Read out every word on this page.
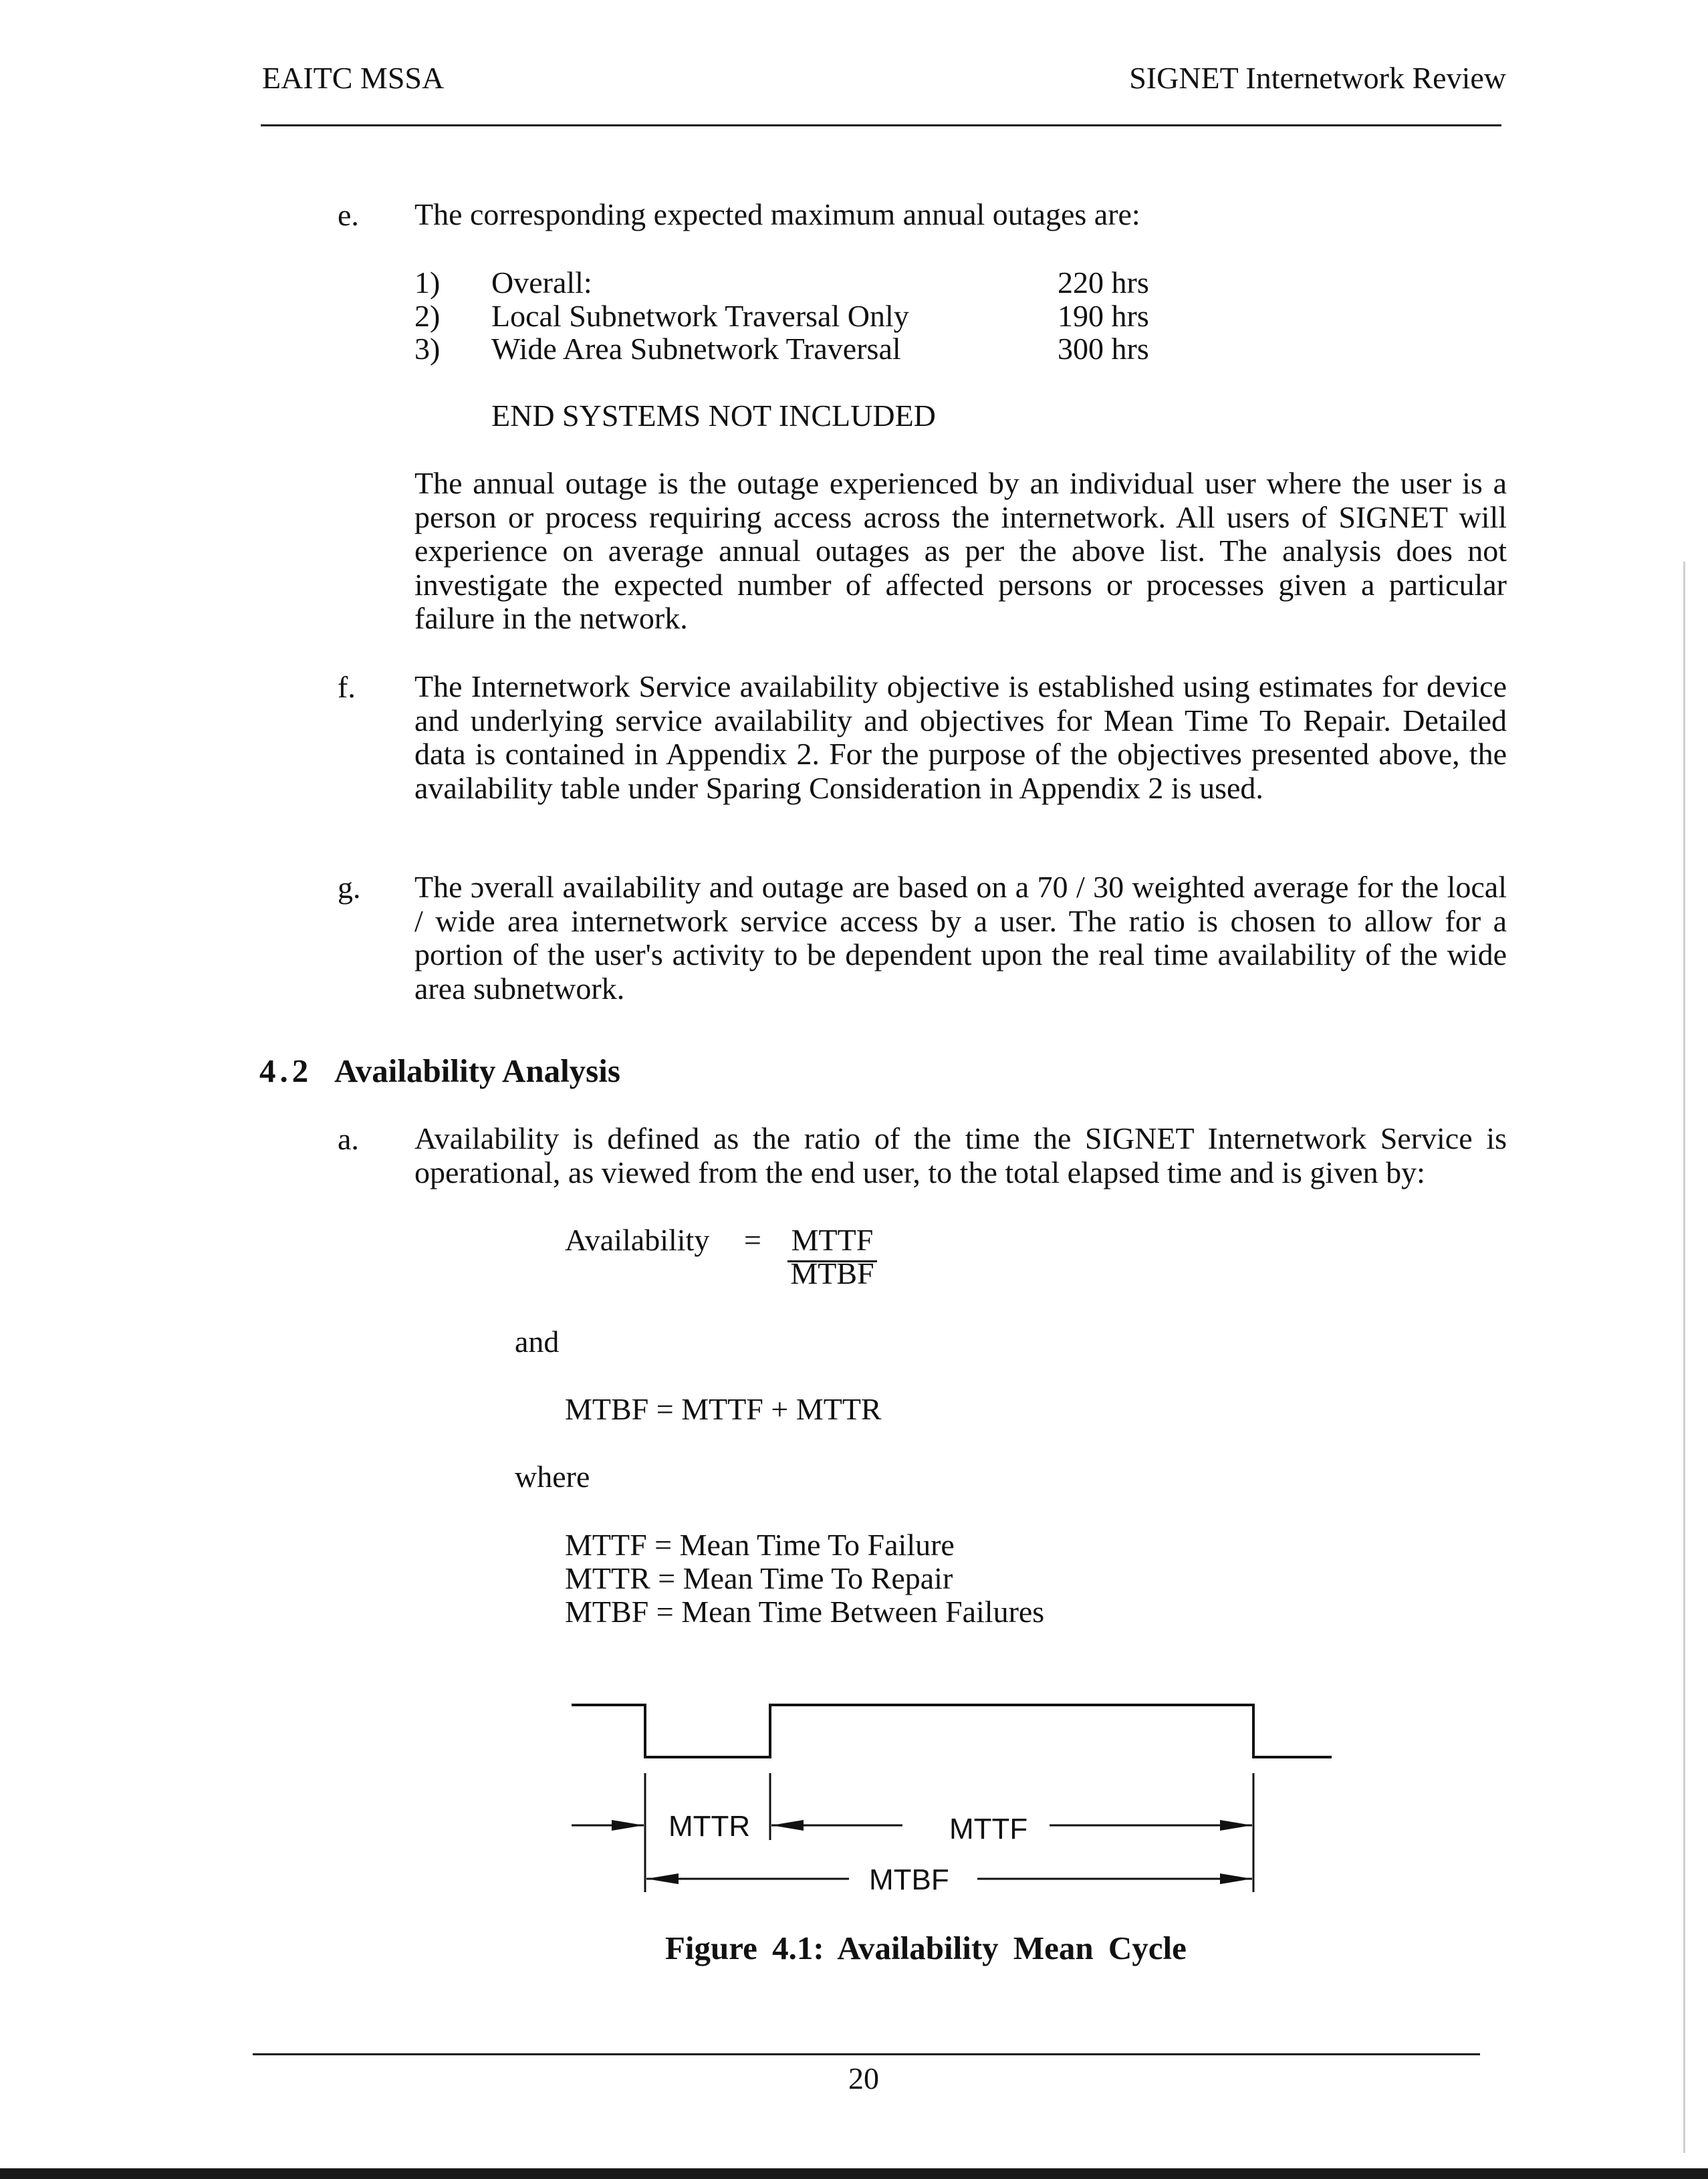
EAITC MSSA	SIGNET Internetwork Review
e. The corresponding expected maximum annual outages are:
1) Overall:	220 hrs
2) Local Subnetwork Traversal Only	190 hrs
3) Wide Area Subnetwork Traversal	300 hrs
END SYSTEMS NOT INCLUDED
The annual outage is the outage experienced by an individual user where the user is a person or process requiring access across the internetwork. All users of SIGNET will experience on average annual outages as per the above list. The analysis does not investigate the expected number of affected persons or processes given a particular failure in the network.
f. The Internetwork Service availability objective is established using estimates for device and underlying service availability and objectives for Mean Time To Repair. Detailed data is contained in Appendix 2. For the purpose of the objectives presented above, the availability table under Sparing Consideration in Appendix 2 is used.
g. The ɔverall availability and outage are based on a 70 / 30 weighted average for the local / wide area internetwork service access by a user. The ratio is chosen to allow for a portion of the user's activity to be dependent upon the real time availability of the wide area subnetwork.
4.2 Availability Analysis
a. Availability is defined as the ratio of the time the SIGNET Internetwork Service is operational, as viewed from the end user, to the total elapsed time and is given by:
Availability = MTTF
MTBF
and
MTBF = MTTF + MTTR
where
MTTF = Mean Time To Failure
MTTR = Mean Time To Repair
MTBF = Mean Time Between Failures
MTTR	MTTF
MTBF
Figure 4.1: Availability Mean Cycle
20
